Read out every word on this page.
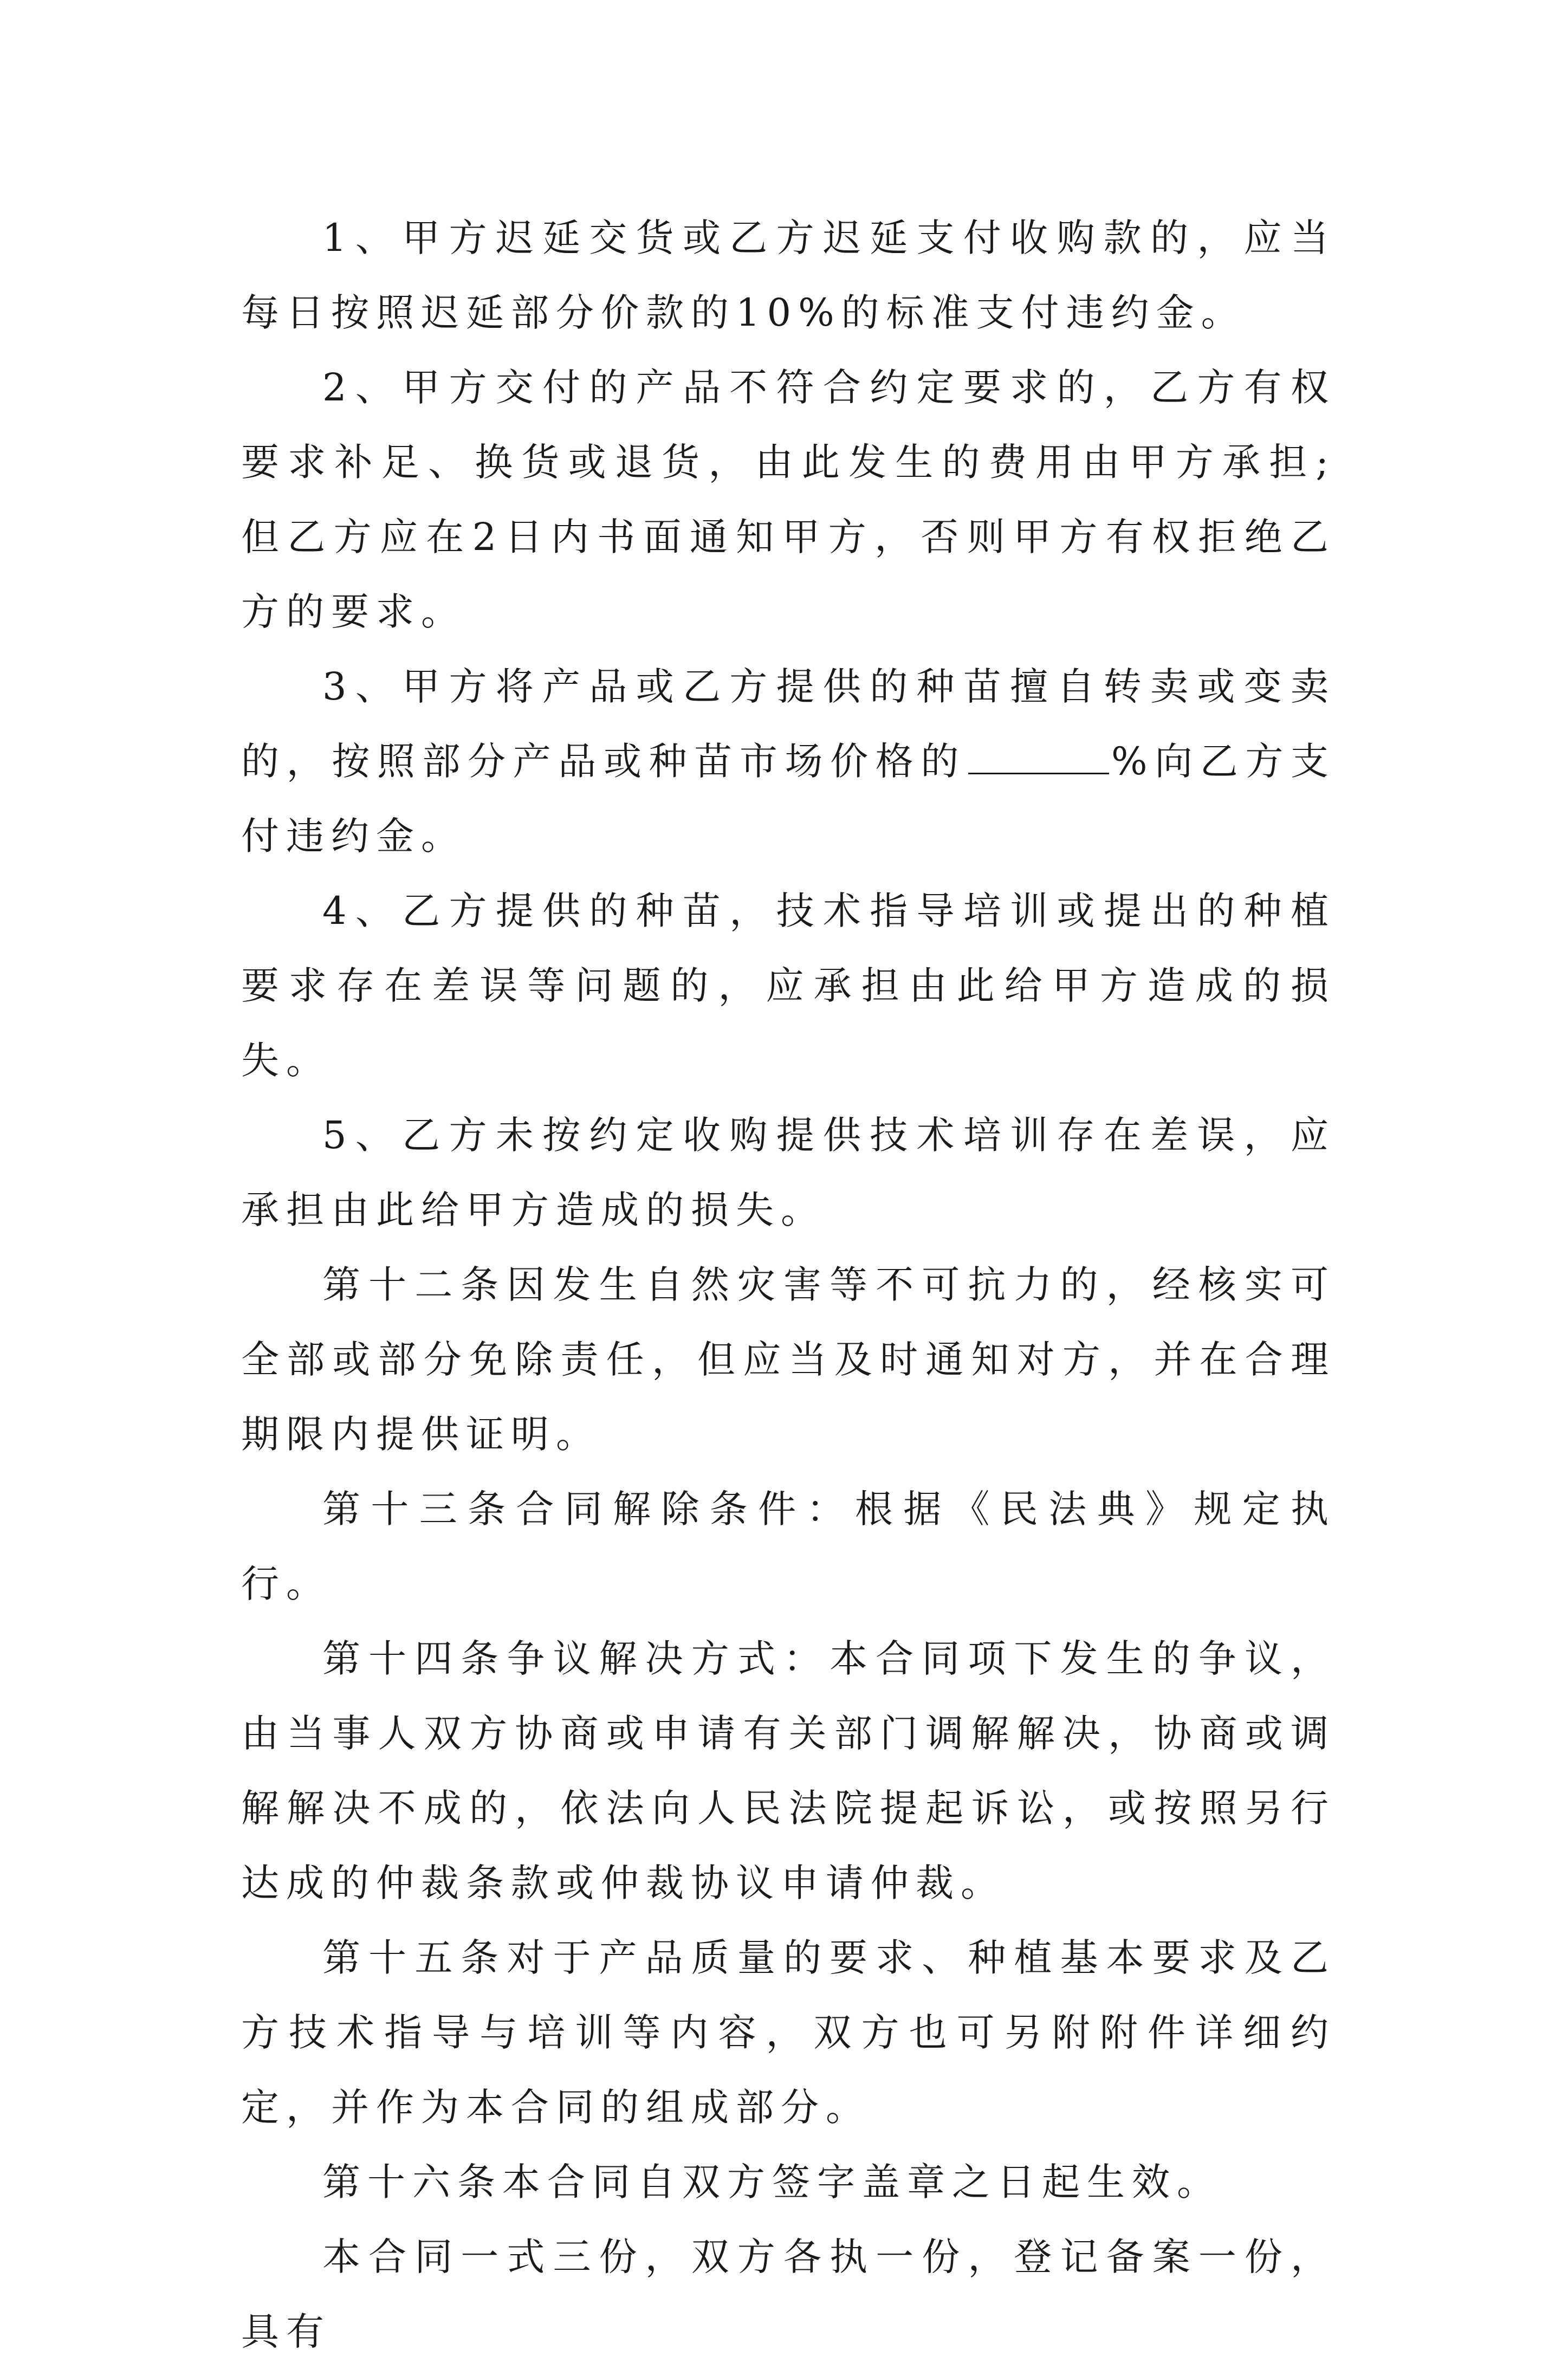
1、甲方迟延交货或乙方迟延支付收购款的，应当每日按照迟延部分价款的10%的标准支付违约金。

2、甲方交付的产品不符合约定要求的，乙方有权要求补足、换货或退货，由此发生的费用由甲方承担;但乙方应在2日内书面通知甲方，否则甲方有权拒绝乙方的要求。

3、甲方将产品或乙方提供的种苗擅自转卖或变卖的，按照部分产品或种苗市场价格的	%向乙方支付违约金。

4、乙方提供的种苗，技术指导培训或提出的种植要求存在差误等问题的，应承担由此给甲方造成的损失。

5、乙方未按约定收购提供技术培训存在差误，应承担由此给甲方造成的损失。

第十二条因发生自然灾害等不可抗力的，经核实可全部或部分免除责任，但应当及时通知对方，并在合理期限内提供证明。

第十三条合同解除条件：根据《民法典》规定执行。

第十四条争议解决方式：本合同项下发生的争议，由当事人双方协商或申请有关部门调解解决，协商或调解解决不成的，依法向人民法院提起诉讼，或按照另行达成的仲裁条款或仲裁协议申请仲裁。

第十五条对于产品质量的要求、种植基本要求及乙方技术指导与培训等内容，双方也可另附附件详细约定，并作为本合同的组成部分。

第十六条本合同自双方签字盖章之日起生效。

本合同一式三份，双方各执一份，登记备案一份，具有
